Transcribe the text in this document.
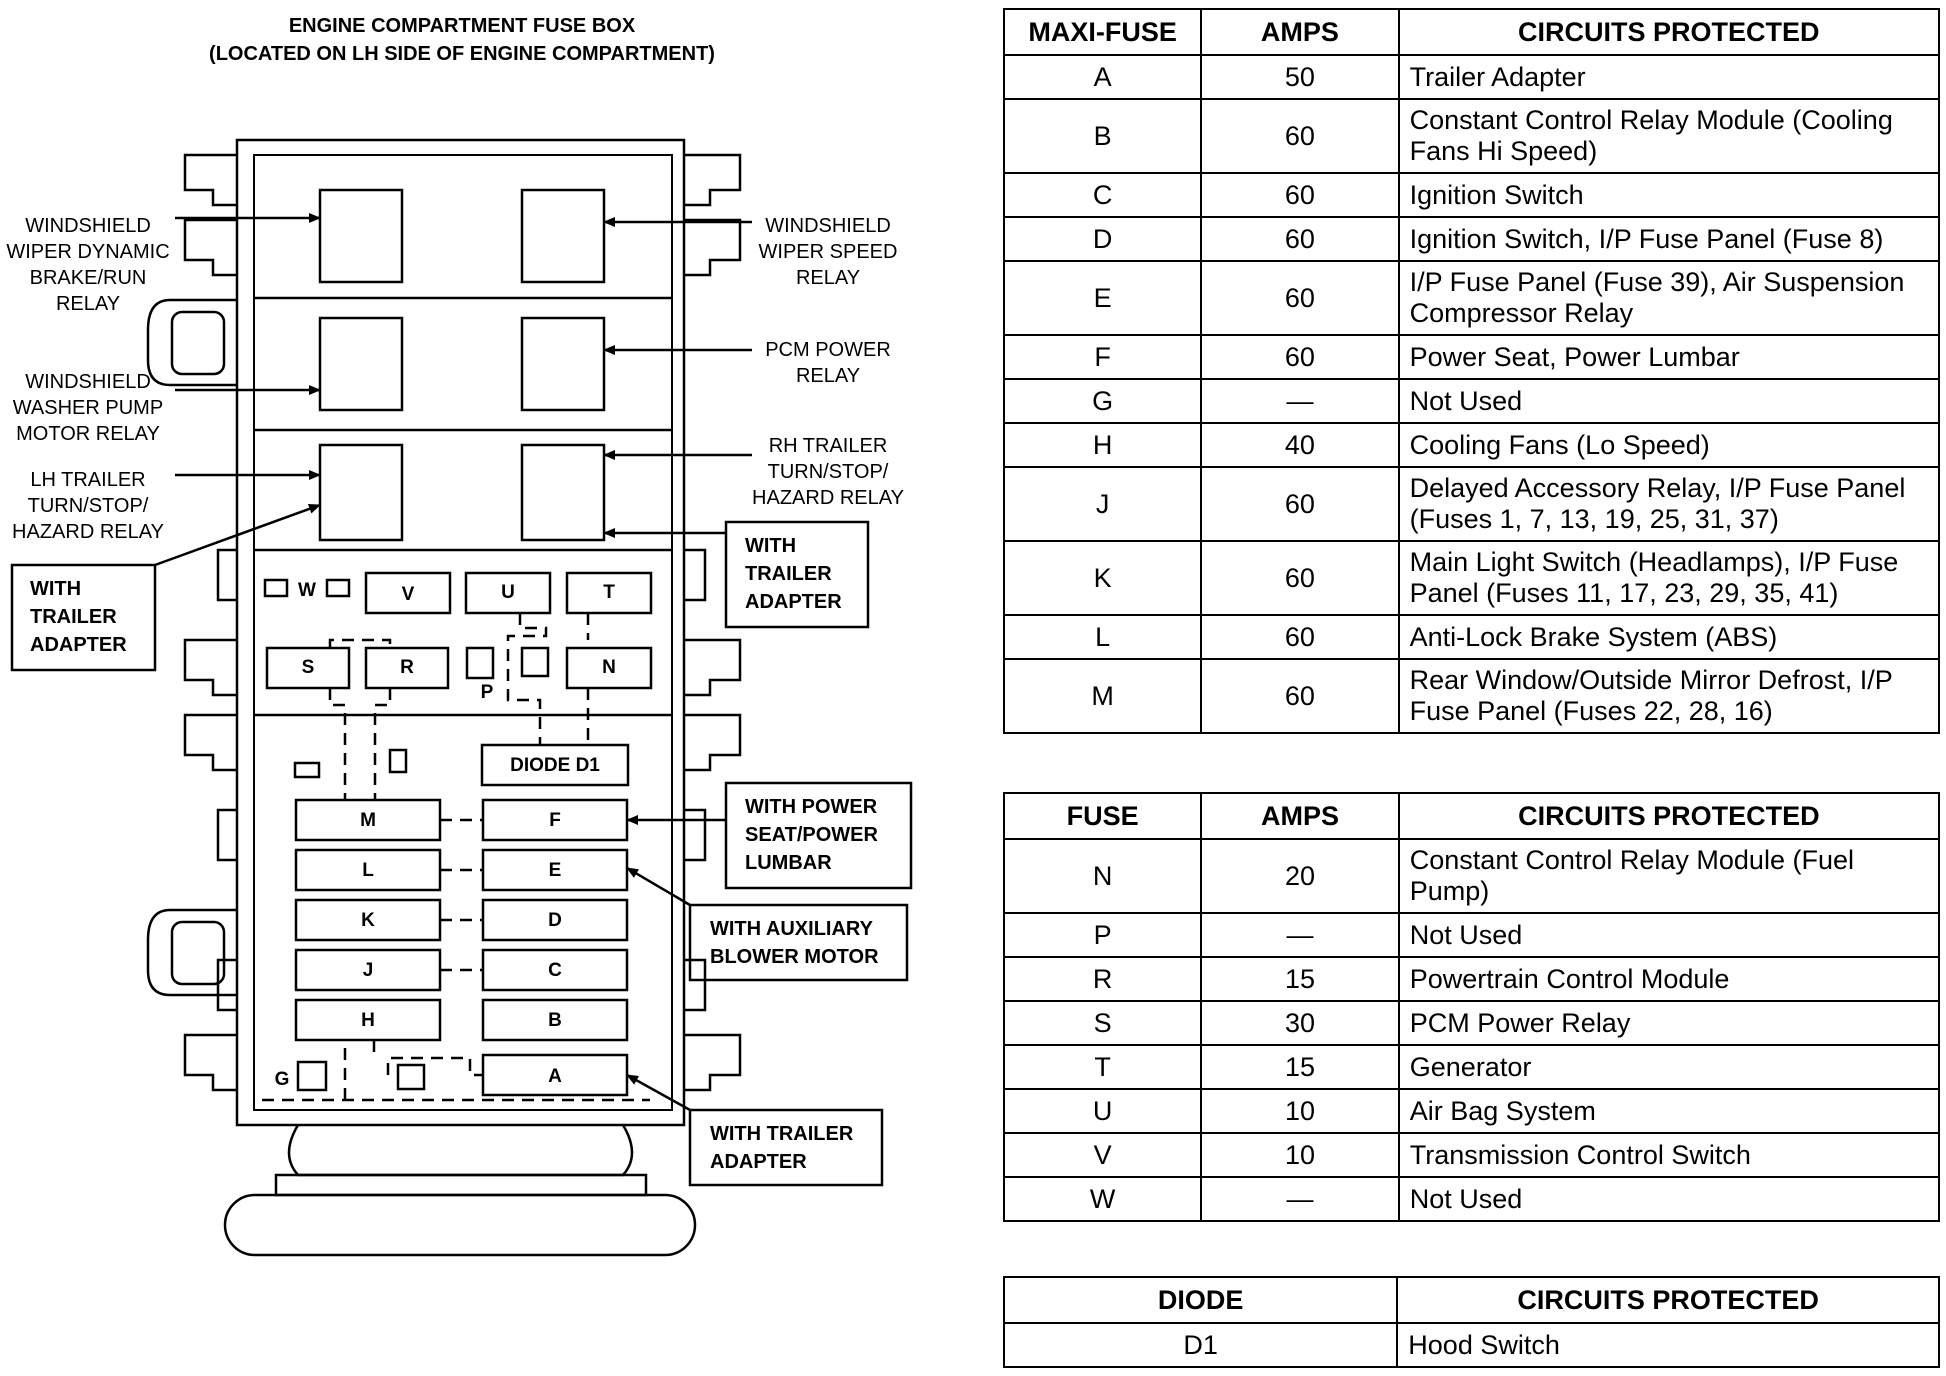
ENGINE COMPARTMENT FUSE BOX
(LOCATED ON LH SIDE OF ENGINE COMPARTMENT)
W	V	U	T
S	R
P
N
DIODE D1
M	F
L	E
K	D
J	C
H	B
A
G
WINDSHIELD
WIPER DYNAMIC
BRAKE/RUN
RELAY
WINDSHIELD
WIPER SPEED
RELAY
PCM POWER
RELAY
WINDSHIELD
WASHER PUMP
MOTOR RELAY
LH TRAILER
TURN/STOP/
HAZARD RELAY
RH TRAILER
TURN/STOP/
HAZARD RELAY
WITH
TRAILER
ADAPTER
WITH
TRAILER
ADAPTER
WITH POWER
SEAT/POWER
LUMBAR
WITH AUXILIARY
BLOWER MOTOR
WITH TRAILER
ADAPTER
MAXI-FUSE	AMPS	CIRCUITS PROTECTED
A	50	Trailer Adapter
B	60	Constant Control Relay Module (Cooling Fans Hi Speed)
C	60	Ignition Switch
D	60	Ignition Switch, I/P Fuse Panel (Fuse 8)
E	60	I/P Fuse Panel (Fuse 39), Air Suspension Compressor Relay
F	60	Power Seat, Power Lumbar
G	—	Not Used
H	40	Cooling Fans (Lo Speed)
J	60	Delayed Accessory Relay, I/P Fuse Panel (Fuses 1, 7, 13, 19, 25, 31, 37)
K	60	Main Light Switch (Headlamps), I/P Fuse Panel (Fuses 11, 17, 23, 29, 35, 41)
L	60	Anti-Lock Brake System (ABS)
M	60	Rear Window/Outside Mirror Defrost, I/P Fuse Panel (Fuses 22, 28, 16)
FUSE	AMPS	CIRCUITS PROTECTED
N	20	Constant Control Relay Module (Fuel Pump)
P	—	Not Used
R	15	Powertrain Control Module
S	30	PCM Power Relay
T	15	Generator
U	10	Air Bag System
V	10	Transmission Control Switch
W	—	Not Used
DIODE	CIRCUITS PROTECTED
D1	Hood Switch
